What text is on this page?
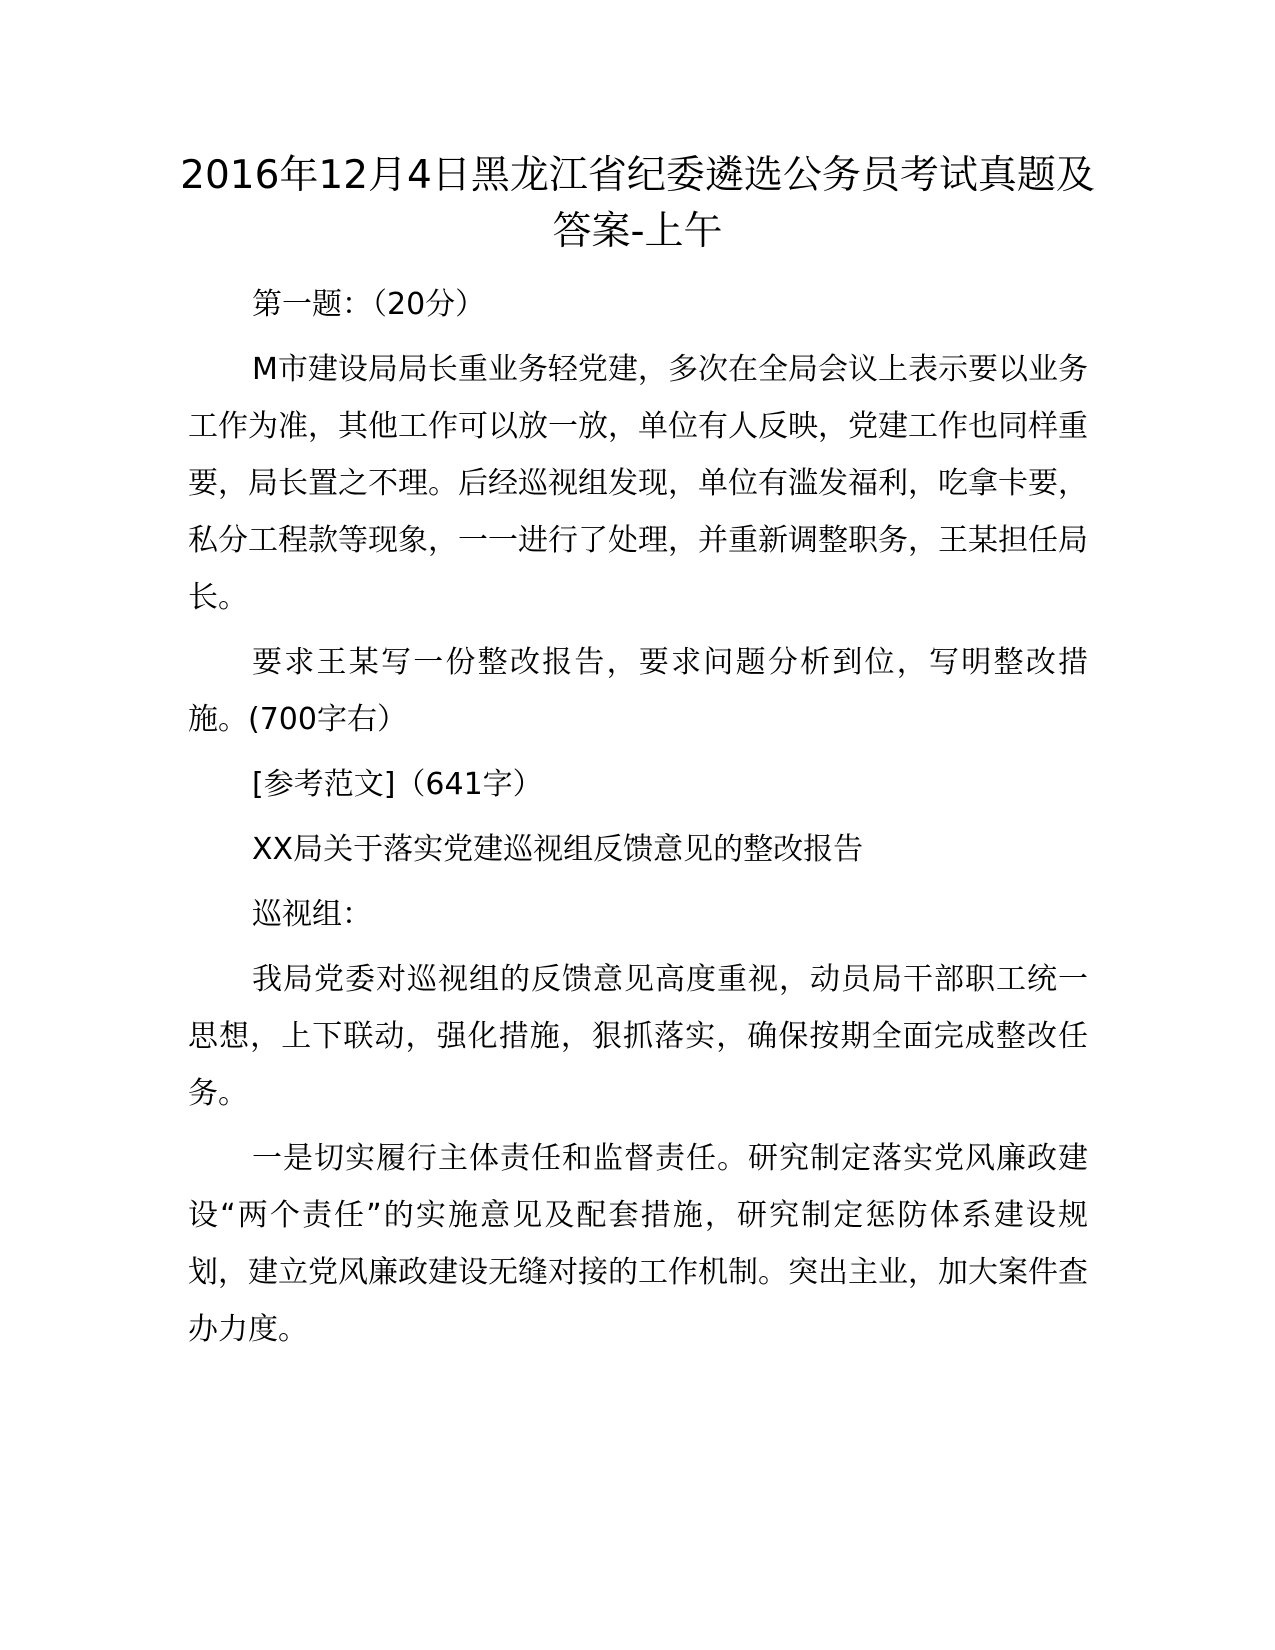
2016年12月4日黑龙江省纪委遴选公务员考试真题及答案-上午

第一题：（20分）

M市建设局局长重业务轻党建，多次在全局会议上表示要以业务工作为准，其他工作可以放一放，单位有人反映，党建工作也同样重要，局长置之不理。后经巡视组发现，单位有滥发福利，吃拿卡要，私分工程款等现象，一一进行了处理，并重新调整职务，王某担任局长。

要求王某写一份整改报告，要求问题分析到位，写明整改措施。(700字右）

[参考范文]（641字）

XX局关于落实党建巡视组反馈意见的整改报告

巡视组：

我局党委对巡视组的反馈意见高度重视，动员局干部职工统一思想，上下联动，强化措施，狠抓落实，确保按期全面完成整改任务。

一是切实履行主体责任和监督责任。研究制定落实党风廉政建设“两个责任”的实施意见及配套措施，研究制定惩防体系建设规划，建立党风廉政建设无缝对接的工作机制。突出主业，加大案件查办力度。
